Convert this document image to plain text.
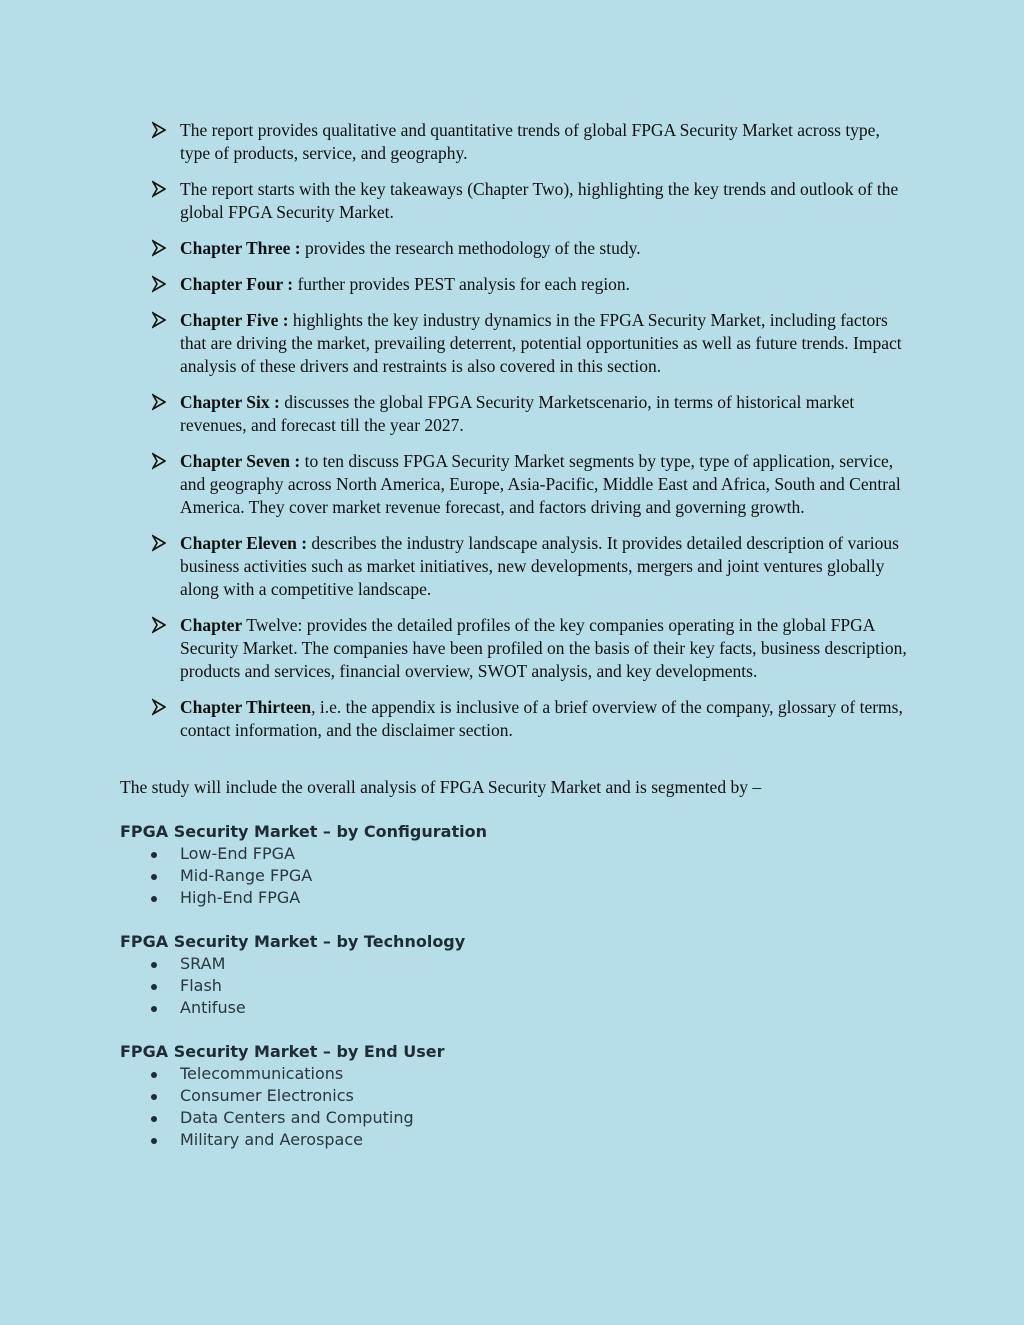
The report provides qualitative and quantitative trends of global FPGA Security Market across type, type of products, service, and geography.
The report starts with the key takeaways (Chapter Two), highlighting the key trends and outlook of the global FPGA Security Market.
Chapter Three : provides the research methodology of the study.
Chapter Four : further provides PEST analysis for each region.
Chapter Five : highlights the key industry dynamics in the FPGA Security Market, including factors that are driving the market, prevailing deterrent, potential opportunities as well as future trends. Impact analysis of these drivers and restraints is also covered in this section.
Chapter Six : discusses the global FPGA Security Marketscenario, in terms of historical market revenues, and forecast till the year 2027.
Chapter Seven : to ten discuss FPGA Security Market segments by type, type of application, service, and geography across North America, Europe, Asia-Pacific, Middle East and Africa, South and Central America. They cover market revenue forecast, and factors driving and governing growth.
Chapter Eleven : describes the industry landscape analysis. It provides detailed description of various business activities such as market initiatives, new developments, mergers and joint ventures globally along with a competitive landscape.
Chapter Twelve: provides the detailed profiles of the key companies operating in the global FPGA Security Market. The companies have been profiled on the basis of their key facts, business description, products and services, financial overview, SWOT analysis, and key developments.
Chapter Thirteen, i.e. the appendix is inclusive of a brief overview of the company, glossary of terms, contact information, and the disclaimer section.

The study will include the overall analysis of FPGA Security Market and is segmented by –

FPGA Security Market – by Configuration

Low-End FPGA
Mid-Range FPGA
High-End FPGA

FPGA Security Market – by Technology

SRAM
Flash
Antifuse

FPGA Security Market – by End User

Telecommunications
Consumer Electronics
Data Centers and Computing
Military and Aerospace
